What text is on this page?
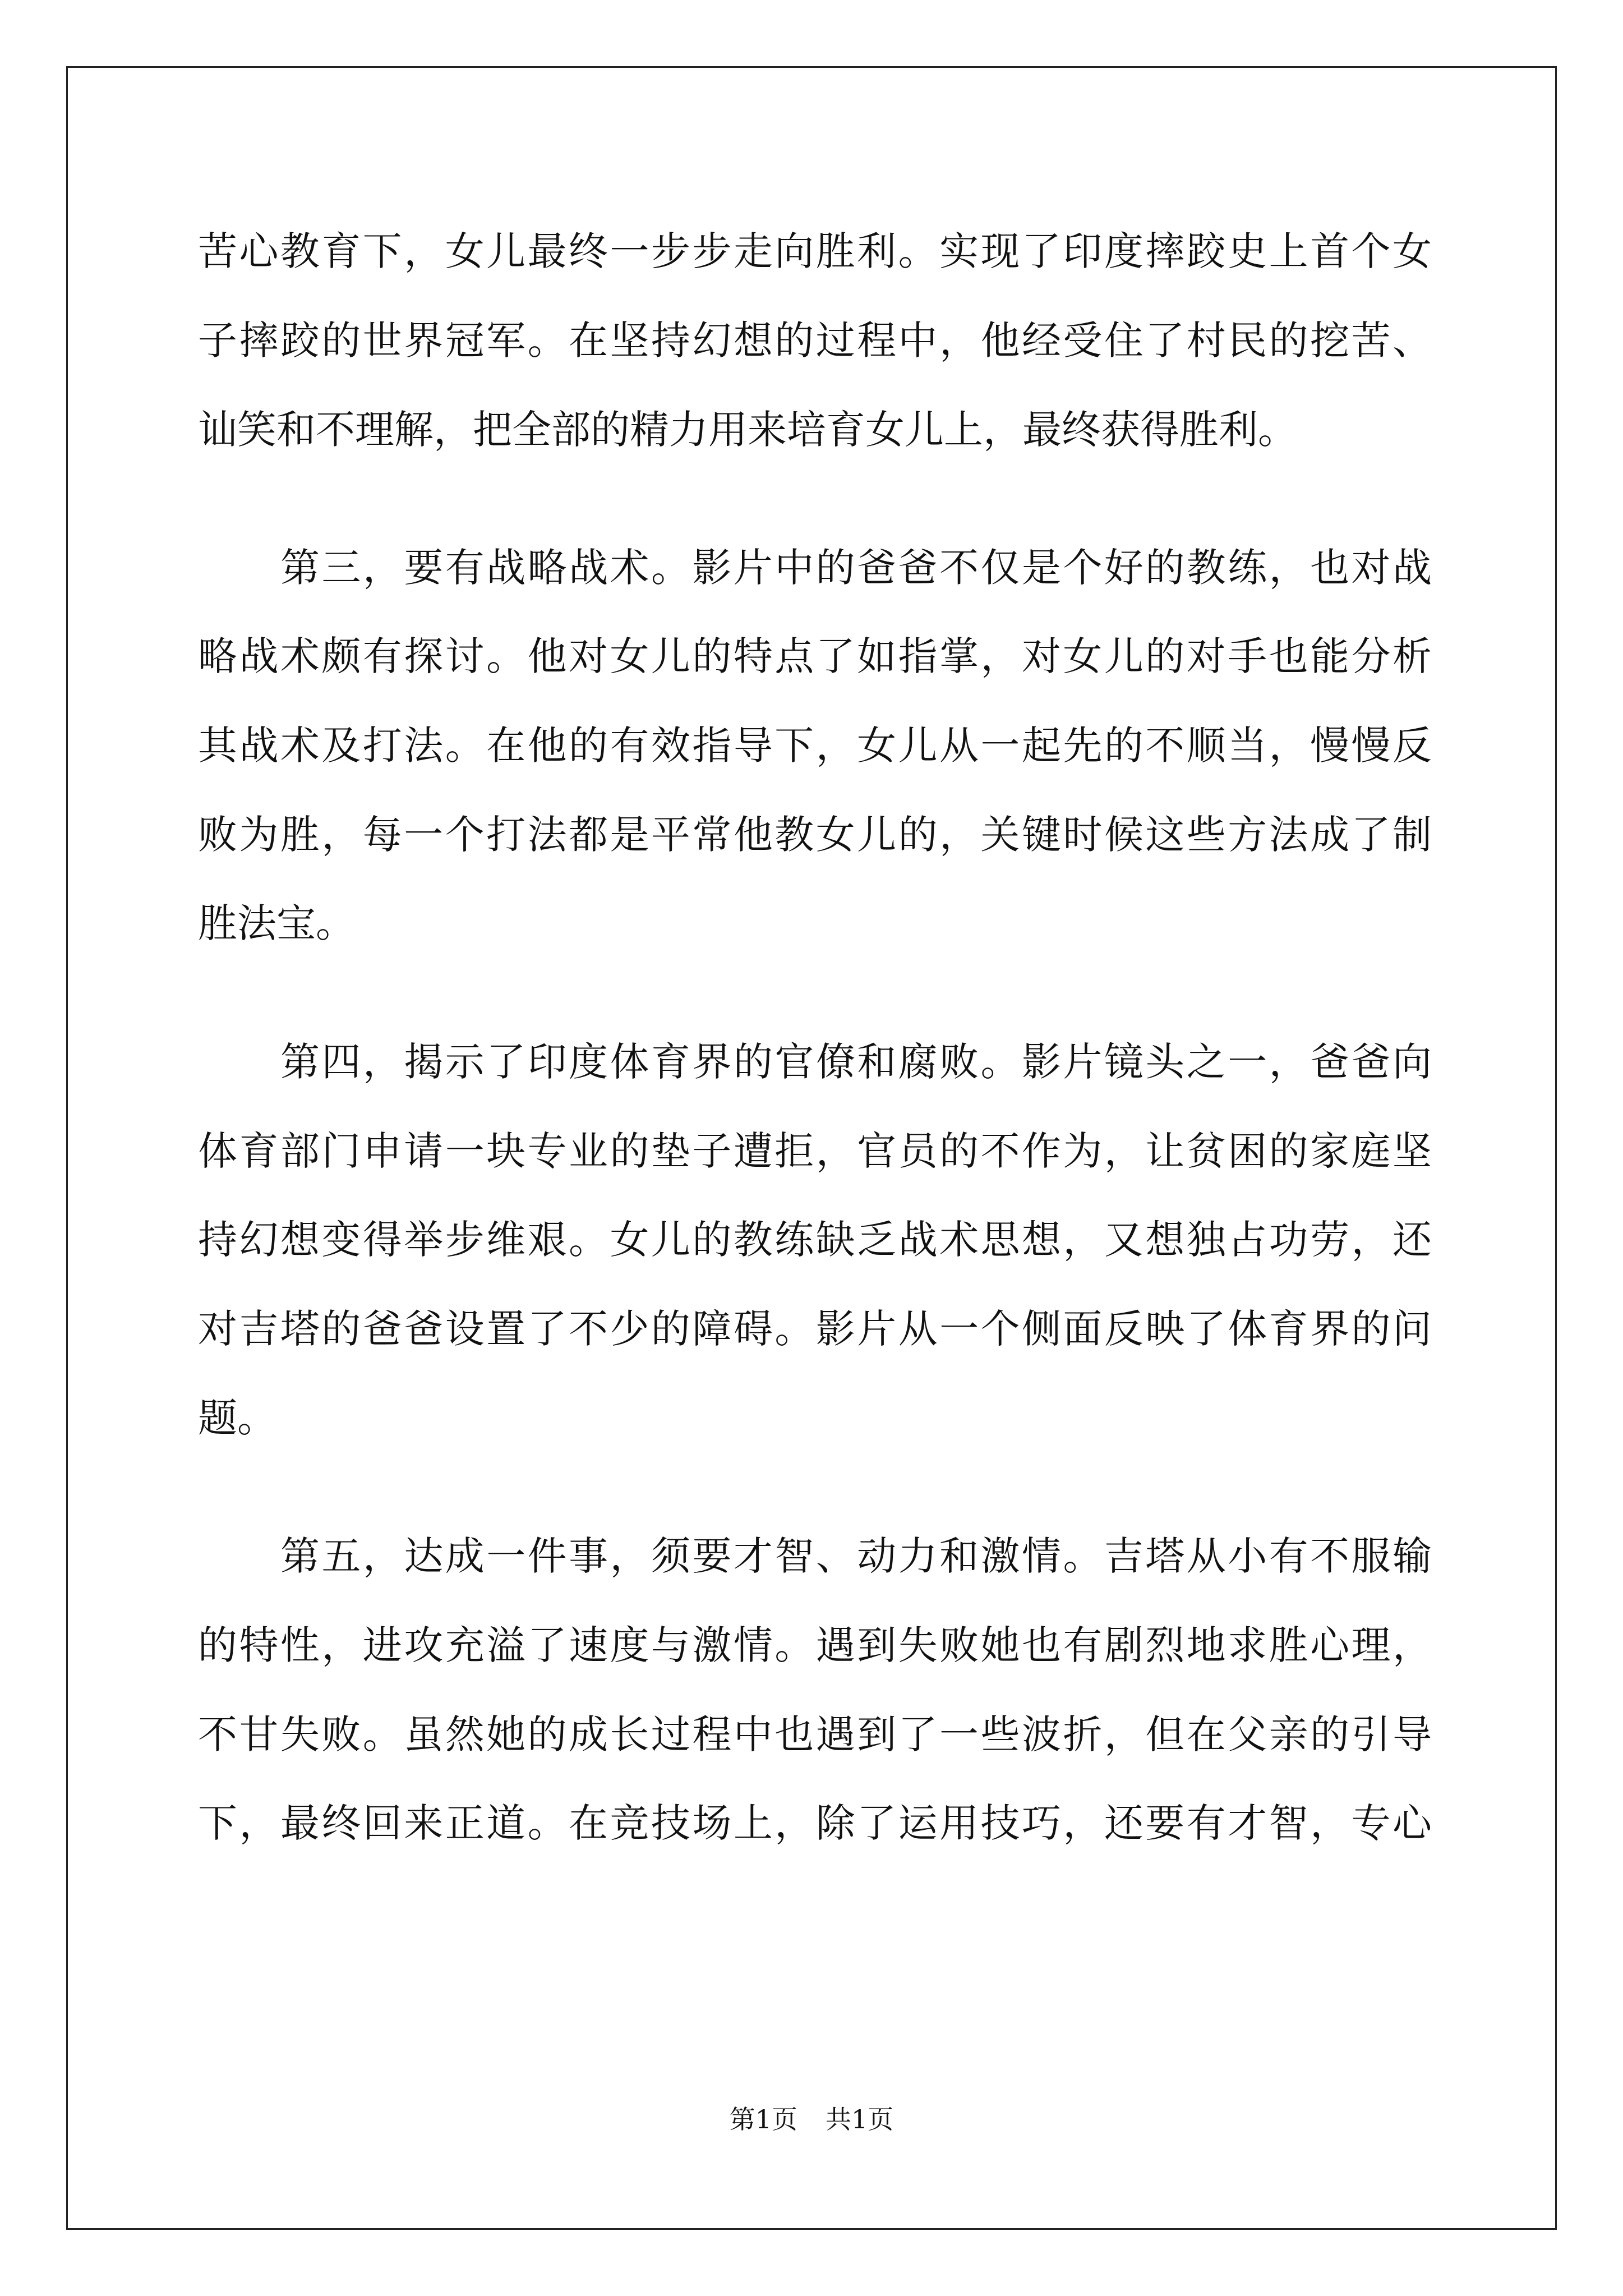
苦心教育下，女儿最终一步步走向胜利。实现了印度摔跤史上首个女
子摔跤的世界冠军。在坚持幻想的过程中，他经受住了村民的挖苦、
讪笑和不理解，把全部的精力用来培育女儿上，最终获得胜利。
第三，要有战略战术。影片中的爸爸不仅是个好的教练，也对战
略战术颇有探讨。他对女儿的特点了如指掌，对女儿的对手也能分析
其战术及打法。在他的有效指导下，女儿从一起先的不顺当，慢慢反
败为胜，每一个打法都是平常他教女儿的，关键时候这些方法成了制
胜法宝。
第四，揭示了印度体育界的官僚和腐败。影片镜头之一，爸爸向
体育部门申请一块专业的垫子遭拒，官员的不作为，让贫困的家庭坚
持幻想变得举步维艰。女儿的教练缺乏战术思想，又想独占功劳，还
对吉塔的爸爸设置了不少的障碍。影片从一个侧面反映了体育界的问
题。
第五，达成一件事，须要才智、动力和激情。吉塔从小有不服输
的特性，进攻充溢了速度与激情。遇到失败她也有剧烈地求胜心理，
不甘失败。虽然她的成长过程中也遇到了一些波折，但在父亲的引导
下，最终回来正道。在竞技场上，除了运用技巧，还要有才智，专心
第1页 共1页
